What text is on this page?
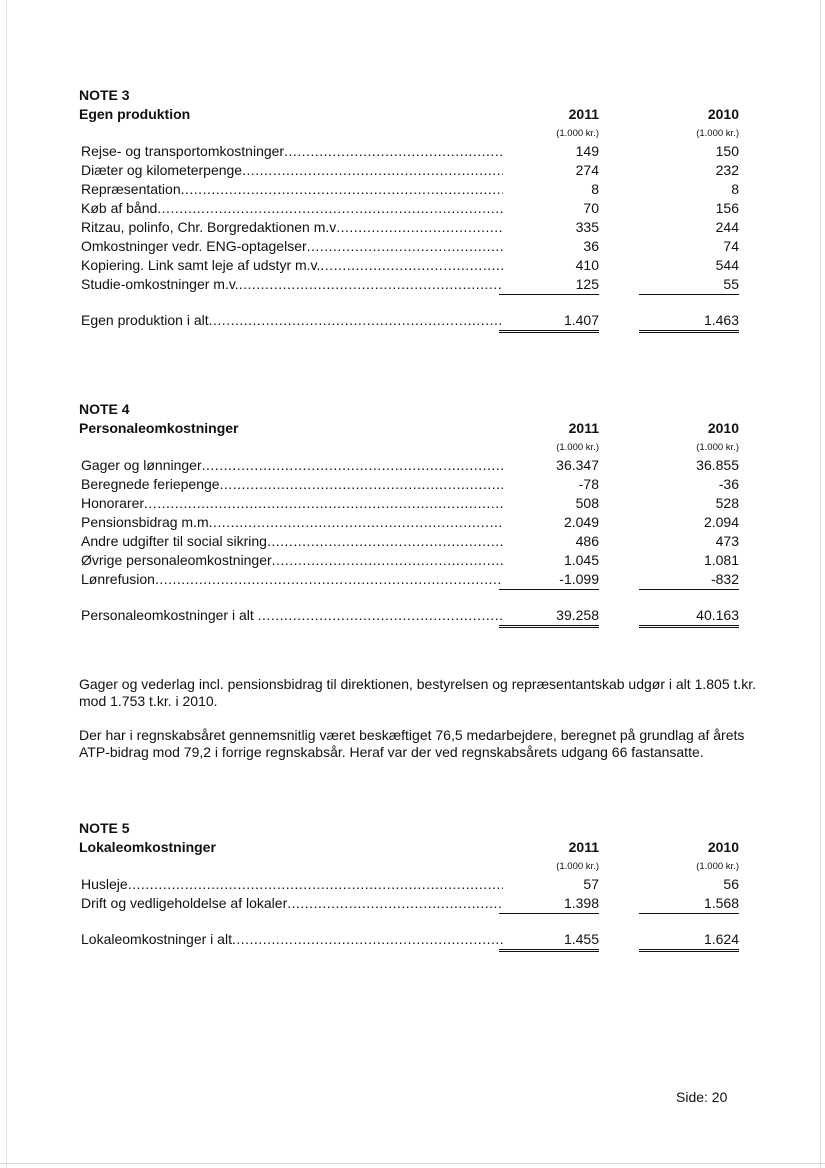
NOTE 3
Egen produktion	2011	2010
(1.000 kr.)	(1.000 kr.)
Rejse- og transportomkostninger .....	149	150
Diæter og kilometerpenge .....	274	232
Repræsentation .....	8	8
Køb af bånd .....	70	156
Ritzau, polinfo, Chr. Borgredaktionen m.v .....	335	244
Omkostninger vedr. ENG-optagelser .....	36	74
Kopiering. Link samt leje af udstyr m.v. .....	410	544
Studie-omkostninger m.v. .....	125	55
Egen produktion i alt .....	1.407	1.463
NOTE 4
Personaleomkostninger	2011	2010
(1.000 kr.)	(1.000 kr.)
Gager og lønninger .....	36.347	36.855
Beregnede feriepenge .....	-78	-36
Honorarer .....	508	528
Pensionsbidrag m.m .....	2.049	2.094
Andre udgifter til social sikring .....	486	473
Øvrige personaleomkostninger .....	1.045	1.081
Lønrefusion .....	-1.099	-832
Personaleomkostninger i alt .....	39.258	40.163

Gager og vederlag incl. pensionsbidrag til direktionen, bestyrelsen og repræsentantskab udgør i alt 1.805 t.kr. mod 1.753 t.kr. i 2010.

Der har i regnskabsåret gennemsnitlig været beskæftiget 76,5 medarbejdere, beregnet på grundlag af årets ATP-bidrag mod 79,2 i forrige regnskabsår. Heraf var der ved regnskabsårets udgang 66 fastansatte.

NOTE 5
Lokaleomkostninger	2011	2010
(1.000 kr.)	(1.000 kr.)
Husleje .....	57	56
Drift og vedligeholdelse af lokaler .....	1.398	1.568
Lokaleomkostninger i alt .....	1.455	1.624
Side: 20
